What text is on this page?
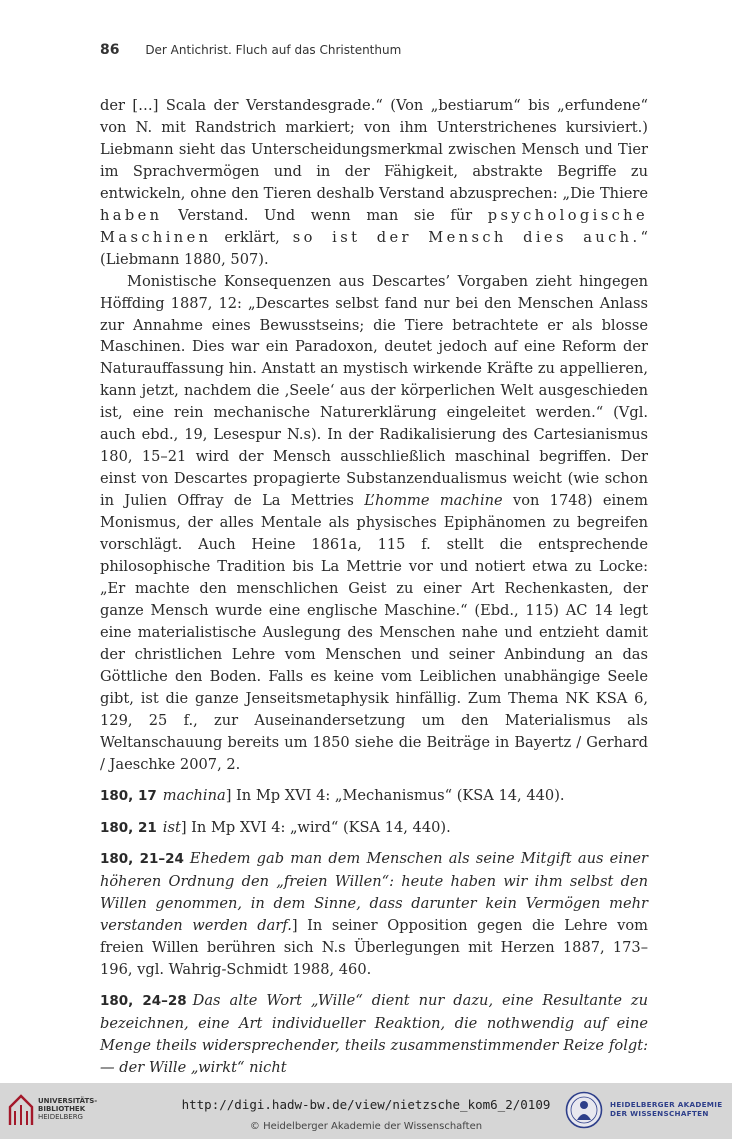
86 Der Antichrist. Fluch auf das Christenthum

der […] Scala der Verstandesgrade.“ (Von „bestiarum“ bis „erfundene“ von N. mit Randstrich markiert; von ihm Unterstrichenes kursiviert.) Liebmann sieht das Unterscheidungsmerkmal zwischen Mensch und Tier im Sprachvermögen und in der Fähigkeit, abstrakte Begriffe zu entwickeln, ohne den Tieren deshalb Verstand abzusprechen: „Die Thiere haben Verstand. Und wenn man sie für psychologische Maschinen erklärt, so ist der Mensch dies auch.“ (Liebmann 1880, 507).

Monistische Konsequenzen aus Descartes’ Vorgaben zieht hingegen Höffding 1887, 12: „Descartes selbst fand nur bei den Menschen Anlass zur Annahme eines Bewusstseins; die Tiere betrachtete er als blosse Maschinen. Dies war ein Paradoxon, deutet jedoch auf eine Reform der Naturauffassung hin. Anstatt an mystisch wirkende Kräfte zu appellieren, kann jetzt, nachdem die ‚Seele‘ aus der körperlichen Welt ausgeschieden ist, eine rein mechanische Naturerklärung eingeleitet werden.“ (Vgl. auch ebd., 19, Lesespur N.s). In der Radikalisierung des Cartesianismus 180, 15–21 wird der Mensch ausschließlich maschinal begriffen. Der einst von Descartes propagierte Substanzendualismus weicht (wie schon in Julien Offray de La Mettries L’homme machine von 1748) einem Monismus, der alles Mentale als physisches Epiphänomen zu begreifen vorschlägt. Auch Heine 1861a, 115 f. stellt die entsprechende philosophische Tradition bis La Mettrie vor und notiert etwa zu Locke: „Er machte den menschlichen Geist zu einer Art Rechenkasten, der ganze Mensch wurde eine englische Maschine.“ (Ebd., 115) AC 14 legt eine materialistische Auslegung des Menschen nahe und entzieht damit der christlichen Lehre vom Menschen und seiner Anbindung an das Göttliche den Boden. Falls es keine vom Leiblichen unabhängige Seele gibt, ist die ganze Jenseitsmetaphysik hinfällig. Zum Thema NK KSA 6, 129, 25 f., zur Auseinandersetzung um den Materialismus als Weltanschauung bereits um 1850 siehe die Beiträge in Bayertz / Gerhard / Jaeschke 2007, 2.

180, 17 machina] In Mp XVI 4: „Mechanismus“ (KSA 14, 440).

180, 21 ist] In Mp XVI 4: „wird“ (KSA 14, 440).

180, 21–24 Ehedem gab man dem Menschen als seine Mitgift aus einer höheren Ordnung den „freien Willen“: heute haben wir ihm selbst den Willen genommen, in dem Sinne, dass darunter kein Vermögen mehr verstanden werden darf.] In seiner Opposition gegen die Lehre vom freien Willen berühren sich N.s Überlegungen mit Herzen 1887, 173–196, vgl. Wahrig-Schmidt 1988, 460.

180, 24–28 Das alte Wort „Wille“ dient nur dazu, eine Resultante zu bezeichnen, eine Art individueller Reaktion, die nothwendig auf eine Menge theils widersprechender, theils zusammenstimmender Reize folgt: — der Wille „wirkt“ nicht

UNIVERSITÄTS-
BIBLIOTHEK
HEIDELBERG
http://digi.hadw-bw.de/view/nietzsche_kom6_2/0109
© Heidelberger Akademie der Wissenschaften
HEIDELBERGER AKADEMIE
DER WISSENSCHAFTEN
